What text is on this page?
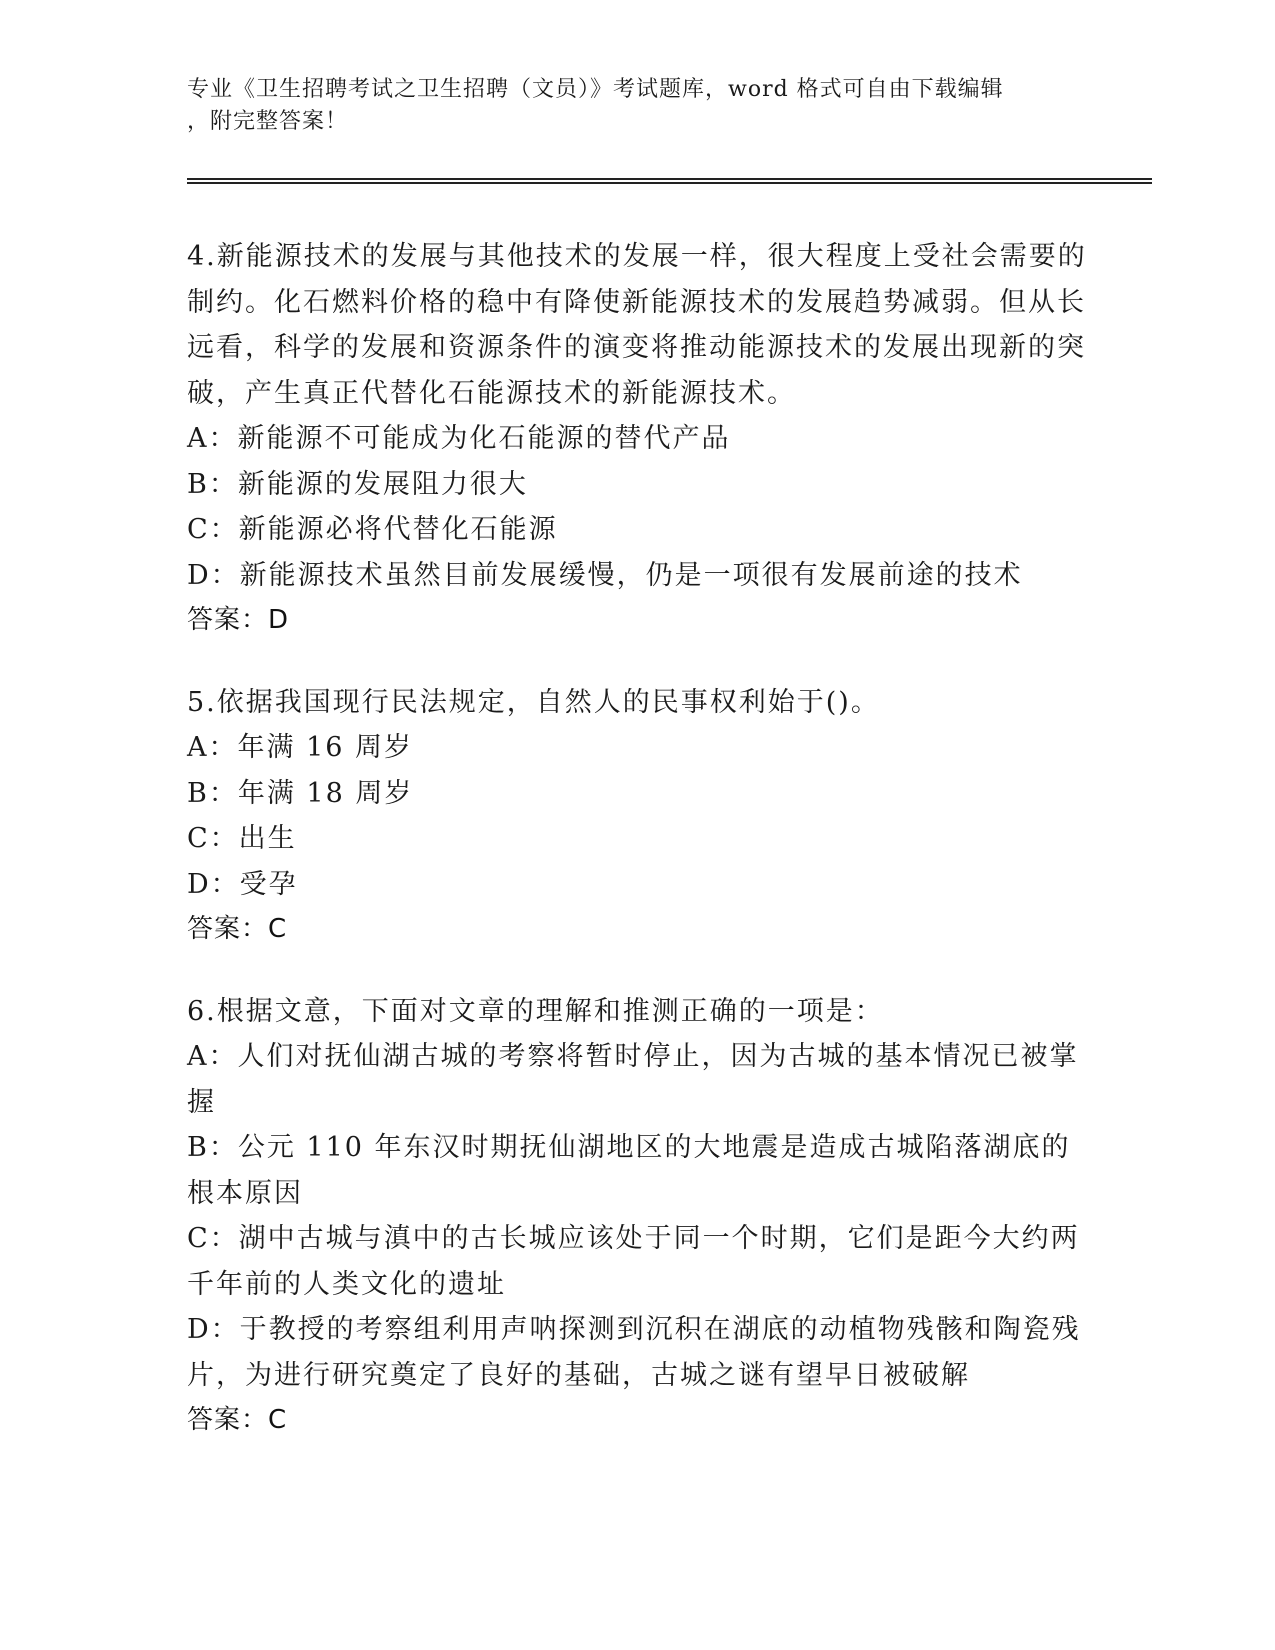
专业《卫生招聘考试之卫生招聘（文员）》考试题库，word 格式可自由下载编辑
，附完整答案！
4.新能源技术的发展与其他技术的发展一样，很大程度上受社会需要的制约。化石燃料价格的稳中有降使新能源技术的发展趋势减弱。但从长远看，科学的发展和资源条件的演变将推动能源技术的发展出现新的突破，产生真正代替化石能源技术的新能源技术。
A：新能源不可能成为化石能源的替代产品
B：新能源的发展阻力很大
C：新能源必将代替化石能源
D：新能源技术虽然目前发展缓慢，仍是一项很有发展前途的技术
答案：D
5.依据我国现行民法规定，自然人的民事权利始于()。
A：年满 16 周岁
B：年满 18 周岁
C：出生
D：受孕
答案：C
6.根据文意，下面对文章的理解和推测正确的一项是：
A：人们对抚仙湖古城的考察将暂时停止，因为古城的基本情况已被掌握
B：公元 110 年东汉时期抚仙湖地区的大地震是造成古城陷落湖底的根本原因
C：湖中古城与滇中的古长城应该处于同一个时期，它们是距今大约两千年前的人类文化的遗址
D：于教授的考察组利用声呐探测到沉积在湖底的动植物残骸和陶瓷残片，为进行研究奠定了良好的基础，古城之谜有望早日被破解
答案：C
